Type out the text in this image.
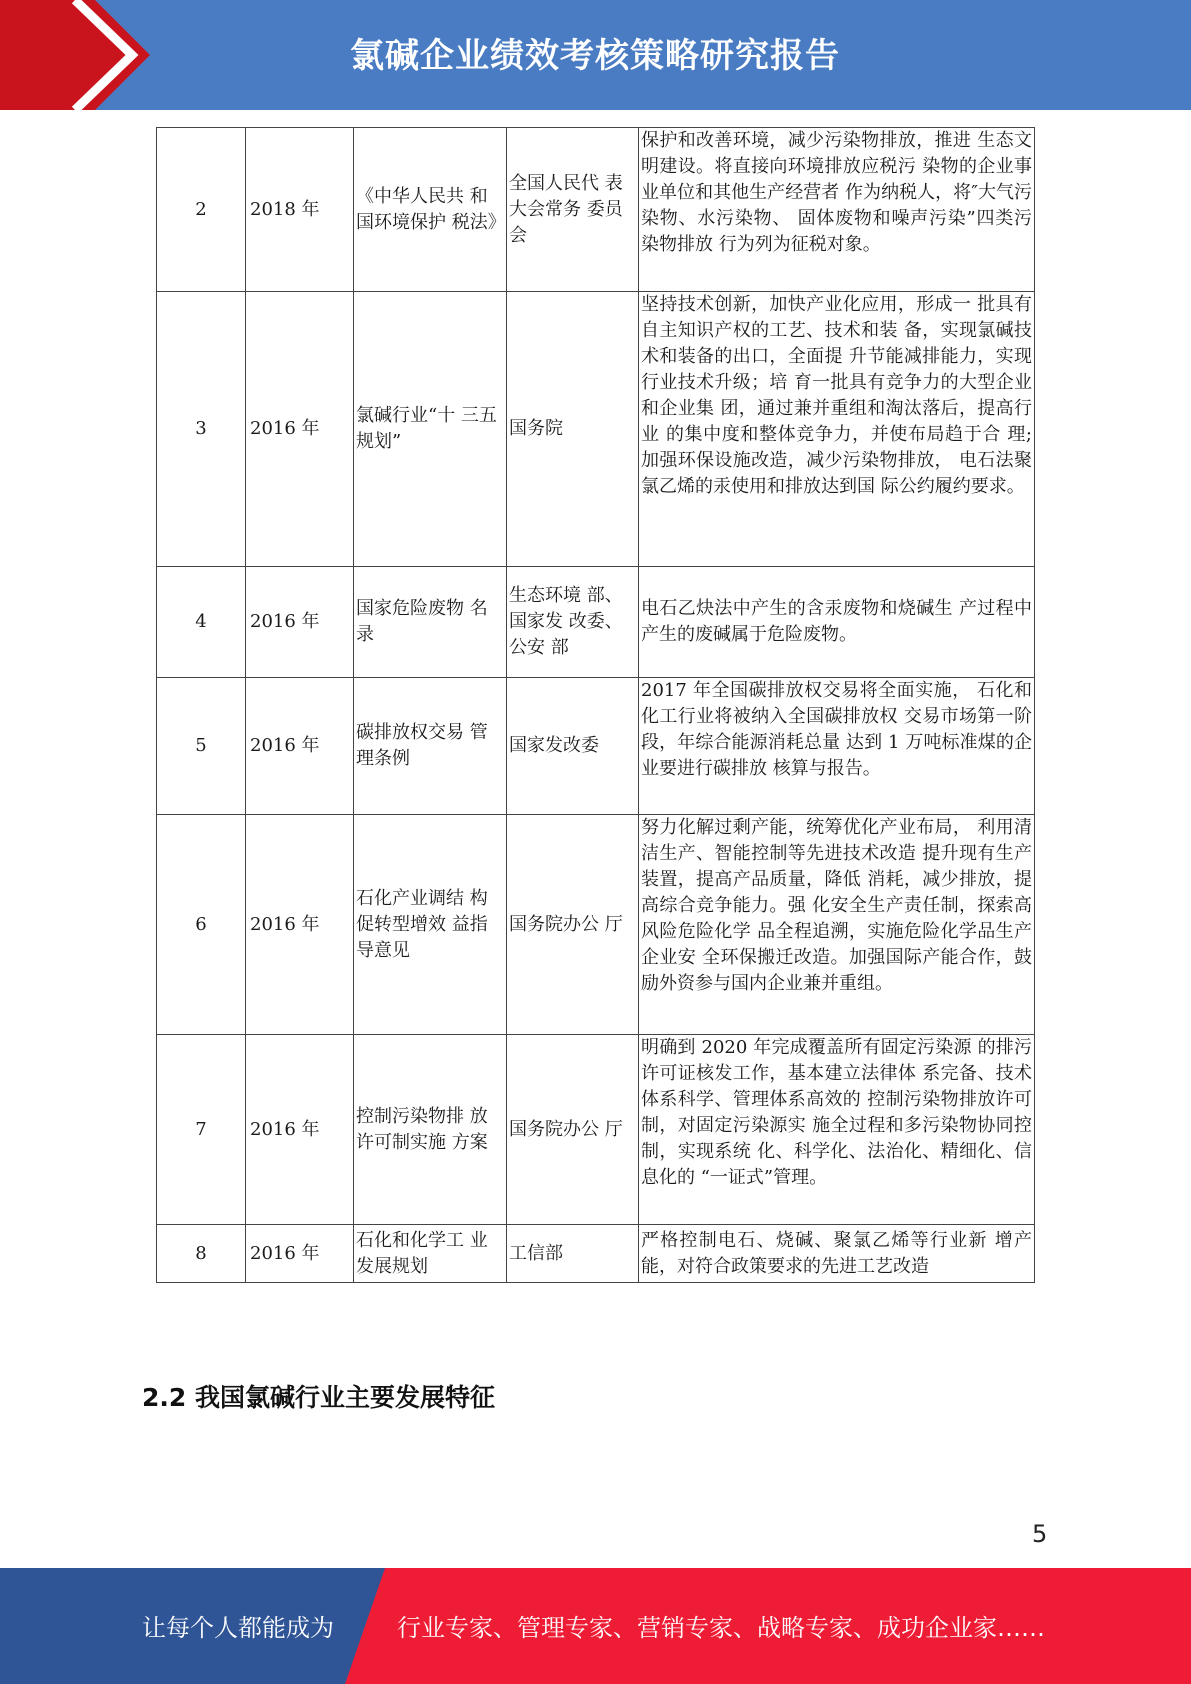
氯碱企业绩效考核策略研究报告
2	2018 年	《中华人民共 和国环境保护 税法》	全国人民代 表大会常务 委员会	保护和改善环境，减少污染物排放，推进 生态文明建设。将直接向环境排放应税污 染物的企业事业单位和其他生产经营者 作为纳税人，将″大气污染物、水污染物、 固体废物和噪声污染”四类污染物排放 行为列为征税对象。
3	2016 年	氯碱行业“十 三五规划”	国务院	坚持技术创新，加快产业化应用，形成一 批具有自主知识产权的工艺、技术和装 备，实现氯碱技术和装备的出口，全面提 升节能减排能力，实现行业技术升级；培 育一批具有竞争力的大型企业和企业集 团，通过兼并重组和淘汰落后，提高行业 的集中度和整体竞争力，并使布局趋于合 理;加强环保设施改造，减少污染物排放， 电石法聚氯乙烯的汞使用和排放达到国 际公约履约要求。
4	2016 年	国家危险废物 名录	生态环境 部、国家发 改委、公安 部	电石乙炔法中产生的含汞废物和烧碱生 产过程中产生的废碱属于危险废物。
5	2016 年	碳排放权交易 管理条例	国家发改委	2017 年全国碳排放权交易将全面实施， 石化和化工行业将被纳入全国碳排放权 交易市场第一阶段，年综合能源消耗总量 达到 1 万吨标准煤的企业要进行碳排放 核算与报告。
6	2016 年	石化产业调结 构促转型增效 益指导意见	国务院办公 厅	努力化解过剩产能，统筹优化产业布局， 利用清洁生产、智能控制等先进技术改造 提升现有生产装置，提高产品质量，降低 消耗，减少排放，提高综合竞争能力。强 化安全生产责任制，探索高风险危险化学 品全程追溯，实施危险化学品生产企业安 全环保搬迁改造。加强国际产能合作，鼓 励外资参与国内企业兼并重组。
7	2016 年	控制污染物排 放许可制实施 方案	国务院办公 厅	明确到 2020 年完成覆盖所有固定污染源 的排污许可证核发工作，基本建立法律体 系完备、技术体系科学、管理体系高效的 控制污染物排放许可制，对固定污染源实 施全过程和多污染物协同控制，实现系统 化、科学化、法治化、精细化、信息化的 “一证式”管理。
8	2016 年	石化和化学工 业发展规划	工信部	严格控制电石、烧碱、聚氯乙烯等行业新 增产能，对符合政策要求的先进工艺改造
2.2 我国氯碱行业主要发展特征
5
让每个人都能成为	行业专家、管理专家、营销专家、战略专家、成功企业家……
